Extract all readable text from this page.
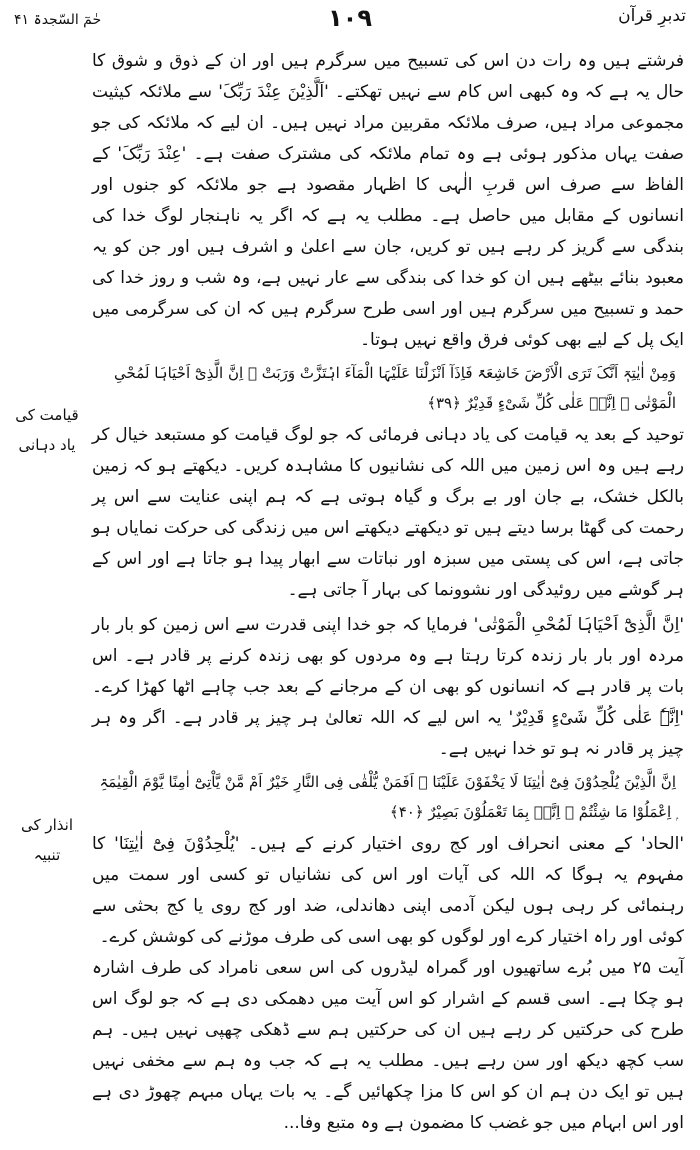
تدبرِ قرآن
۱۰۹
حٰمٓ السّجدۃ ۴۱
قیامت کی
یاد دہانی
انذار کی
تنبیہ

فرشتے ہیں وہ رات دن اس کی تسبیح میں سرگرم ہیں اور ان کے ذوق و شوق کا حال یہ ہے کہ وہ کبھی اس کام سے نہیں تھکتے۔ 'اَلَّذِیْنَ عِنْدَ رَبِّکَ' سے ملائکہ کیثیت مجموعی مراد ہیں، صرف ملائکہ مقربین مراد نہیں ہیں۔ ان لیے کہ ملائکہ کی جو صفت یہاں مذکور ہوئی ہے وہ تمام ملائکہ کی مشترک صفت ہے۔ 'عِنْدَ رَبِّکَ' کے الفاظ سے صرف اس قربِ الٰہی کا اظہار مقصود ہے جو ملائکہ کو جنوں اور انسانوں کے مقابل میں حاصل ہے۔ مطلب یہ ہے کہ اگر یہ ناہنجار لوگ خدا کی بندگی سے گریز کر رہے ہیں تو کریں، جان سے اعلیٰ و اشرف ہیں اور جن کو یہ معبود بنائے بیٹھے ہیں ان کو خدا کی بندگی سے عار نہیں ہے، وہ شب و روز خدا کی حمد و تسبیح میں سرگرم ہیں اور اسی طرح سرگرم ہیں کہ ان کی سرگرمی میں ایک پل کے لیے بھی کوئی فرق واقع نہیں ہوتا۔

وَمِنْ اٰیٰتِہٖٓ اَنَّکَ تَرَی الْاَرْضَ خَاشِعَۃً فَاِذَآ اَنْزَلْنَا عَلَیْہَا الْمَآءَ اہْتَزَّتْ وَرَبَتْ ۭ اِنَّ الَّذِیْٓ اَحْیَاہَا لَمُحْیِ الْمَوْتٰی ۭ اِنَّہٗ عَلٰی کُلِّ شَیْءٍ قَدِیْرٌ ﴿۳۹﴾

توحید کے بعد یہ قیامت کی یاد دہانی فرمائی کہ جو لوگ قیامت کو مستبعد خیال کر رہے ہیں وہ اس زمین میں اللہ کی نشانیوں کا مشاہدہ کریں۔ دیکھتے ہو کہ زمین بالکل خشک، بے جان اور بے برگ و گیاہ ہوتی ہے کہ ہم اپنی عنایت سے اس پر رحمت کی گھٹا برسا دیتے ہیں تو دیکھتے دیکھتے اس میں زندگی کی حرکت نمایاں ہو جاتی ہے، اس کی پستی میں سبزہ اور نباتات سے ابھار پیدا ہو جاتا ہے اور اس کے ہر گوشے میں روئیدگی اور نشوونما کی بہار آ جاتی ہے۔

'اِنَّ الَّذِیْٓ اَحْیَاہَا لَمُحْیِ الْمَوْتٰی' فرمایا کہ جو خدا اپنی قدرت سے اس زمین کو بار بار مردہ اور بار بار زندہ کرتا رہتا ہے وہ مردوں کو بھی زندہ کرنے پر قادر ہے۔ اس بات پر قادر ہے کہ انسانوں کو بھی ان کے مرجانے کے بعد جب چاہے اٹھا کھڑا کرے۔ 'اِنَّہٗ عَلٰی کُلِّ شَیْءٍ قَدِیْرٌ' یہ اس لیے کہ اللہ تعالیٰ ہر چیز پر قادر ہے۔ اگر وہ ہر چیز پر قادر نہ ہو تو خدا نہیں ہے۔

اِنَّ الَّذِیْنَ یُلْحِدُوْنَ فِیْٓ اٰیٰتِنَا لَا یَخْفَوْنَ عَلَیْنَا ۭ اَفَمَنْ یُّلْقٰی فِی النَّارِ خَیْرٌ اَمْ مَّنْ یَّاْتِیْٓ اٰمِنًا یَّوْمَ الْقِیٰمَۃِ ۭ اِعْمَلُوْا مَا شِئْتُمْ ۙ اِنَّہٗ بِمَا تَعْمَلُوْنَ بَصِیْرٌ ﴿۴۰﴾

'الحاد' کے معنی انحراف اور کج روی اختیار کرنے کے ہیں۔ 'یُلْحِدُوْنَ فِیْٓ اٰیٰتِنَا' کا مفہوم یہ ہوگا کہ اللہ کی آیات اور اس کی نشانیاں تو کسی اور سمت میں رہنمائی کر رہی ہوں لیکن آدمی اپنی دھاندلی، ضد اور کج روی یا کج بحثی سے کوئی اور راہ اختیار کرے اور لوگوں کو بھی اسی کی طرف موڑنے کی کوشش کرے۔

آیت ۲۵ میں بُرے ساتھیوں اور گمراہ لیڈروں کی اس سعی نامراد کی طرف اشارہ ہو چکا ہے۔ اسی قسم کے اشرار کو اس آیت میں دھمکی دی ہے کہ جو لوگ اس طرح کی حرکتیں کر رہے ہیں ان کی حرکتیں ہم سے ڈھکی چھپی نہیں ہیں۔ ہم سب کچھ دیکھ اور سن رہے ہیں۔ مطلب یہ ہے کہ جب وہ ہم سے مخفی نہیں ہیں تو ایک دن ہم ان کو اس کا مزا چکھائیں گے۔ یہ بات یہاں مبہم چھوڑ دی ہے اور اس ابہام میں جو غضب کا مضمون ہے وہ متبع وفا...
